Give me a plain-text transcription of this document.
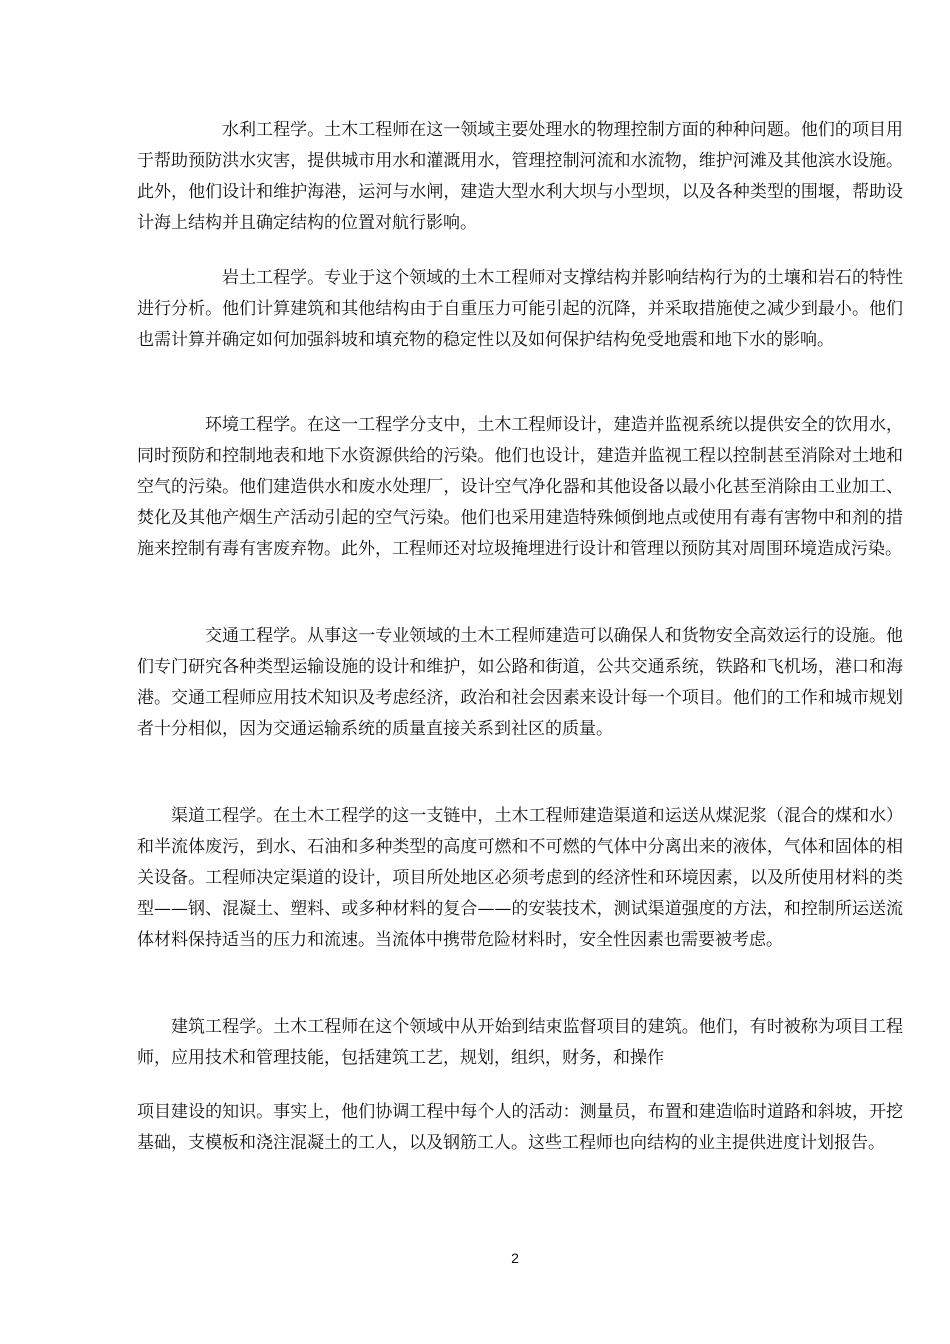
水利工程学。土木工程师在这一领域主要处理水的物理控制方面的种种问题。他们的项目用于帮助预防洪水灾害，提供城市用水和灌溉用水，管理控制河流和水流物，维护河滩及其他滨水设施。此外，他们设计和维护海港，运河与水闸，建造大型水利大坝与小型坝，以及各种类型的围堰，帮助设计海上结构并且确定结构的位置对航行影响。

岩土工程学。专业于这个领域的土木工程师对支撑结构并影响结构行为的土壤和岩石的特性进行分析。他们计算建筑和其他结构由于自重压力可能引起的沉降，并采取措施使之减少到最小。他们也需计算并确定如何加强斜坡和填充物的稳定性以及如何保护结构免受地震和地下水的影响。

环境工程学。在这一工程学分支中，土木工程师设计，建造并监视系统以提供安全的饮用水，同时预防和控制地表和地下水资源供给的污染。他们也设计，建造并监视工程以控制甚至消除对土地和空气的污染。他们建造供水和废水处理厂，设计空气净化器和其他设备以最小化甚至消除由工业加工、焚化及其他产烟生产活动引起的空气污染。他们也采用建造特殊倾倒地点或使用有毒有害物中和剂的措施来控制有毒有害废弃物。此外，工程师还对垃圾掩埋进行设计和管理以预防其对周围环境造成污染。

交通工程学。从事这一专业领域的土木工程师建造可以确保人和货物安全高效运行的设施。他们专门研究各种类型运输设施的设计和维护，如公路和街道，公共交通系统，铁路和飞机场，港口和海港。交通工程师应用技术知识及考虑经济，政治和社会因素来设计每一个项目。他们的工作和城市规划者十分相似，因为交通运输系统的质量直接关系到社区的质量。

渠道工程学。在土木工程学的这一支链中，土木工程师建造渠道和运送从煤泥浆（混合的煤和水）和半流体废污，到水、石油和多种类型的高度可燃和不可燃的气体中分离出来的液体，气体和固体的相关设备。工程师决定渠道的设计，项目所处地区必须考虑到的经济性和环境因素，以及所使用材料的类型——钢、混凝土、塑料、或多种材料的复合——的安装技术，测试渠道强度的方法，和控制所运送流体材料保持适当的压力和流速。当流体中携带危险材料时，安全性因素也需要被考虑。

建筑工程学。土木工程师在这个领域中从开始到结束监督项目的建筑。他们，有时被称为项目工程师，应用技术和管理技能，包括建筑工艺，规划，组织，财务，和操作

项目建设的知识。事实上，他们协调工程中每个人的活动：测量员，布置和建造临时道路和斜坡，开挖基础，支模板和浇注混凝土的工人，以及钢筋工人。这些工程师也向结构的业主提供进度计划报告。

2
